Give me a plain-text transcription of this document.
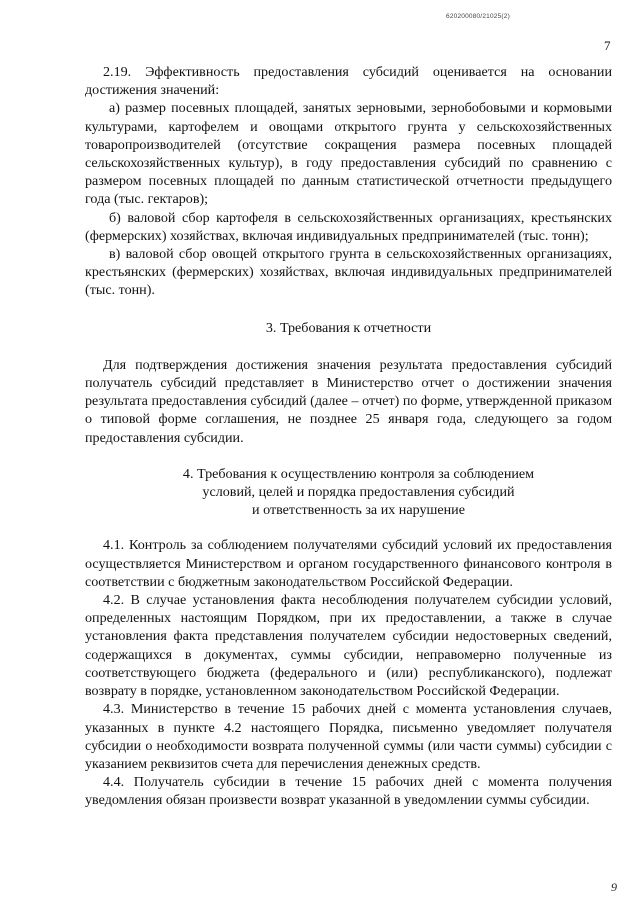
620200080/21025(2)
7

2.19. Эффективность предоставления субсидий оценивается на основании достижения значений:

а) размер посевных площадей, занятых зерновыми, зернобобовыми и кормовыми культурами, картофелем и овощами открытого грунта у сельскохозяйственных товаропроизводителей (отсутствие сокращения размера посевных площадей сельскохозяйственных культур), в году предоставления субсидий по сравнению с размером посевных площадей по данным статистической отчетности предыдущего года (тыс. гектаров);

б) валовой сбор картофеля в сельскохозяйственных организациях, крестьянских (фермерских) хозяйствах, включая индивидуальных предпринимателей (тыс. тонн);

в) валовой сбор овощей открытого грунта в сельскохозяйственных организациях, крестьянских (фермерских) хозяйствах, включая индивидуальных предпринимателей (тыс. тонн).

3. Требования к отчетности

Для подтверждения достижения значения результата предоставления субсидий получатель субсидий представляет в Министерство отчет о достижении значения результата предоставления субсидий (далее – отчет) по форме, утвержденной приказом о типовой форме соглашения, не позднее 25 января года, следующего за годом предоставления субсидии.

4. Требования к осуществлению контроля за соблюдением
условий, целей и порядка предоставления субсидий
и ответственность за их нарушение

4.1. Контроль за соблюдением получателями субсидий условий их предоставления осуществляется Министерством и органом государственного финансового контроля в соответствии с бюджетным законодательством Российской Федерации.

4.2. В случае установления факта несоблюдения получателем субсидии условий, определенных настоящим Порядком, при их предоставлении, а также в случае установления факта представления получателем субсидии недостоверных сведений, содержащихся в документах, суммы субсидии, неправомерно полученные из соответствующего бюджета (федерального и (или) республиканского), подлежат возврату в порядке, установленном законодательством Российской Федерации.

4.3. Министерство в течение 15 рабочих дней с момента установления случаев, указанных в пункте 4.2 настоящего Порядка, письменно уведомляет получателя субсидии о необходимости возврата полученной суммы (или части суммы) субсидии с указанием реквизитов счета для перечисления денежных средств.

4.4. Получатель субсидии в течение 15 рабочих дней с момента получения уведомления обязан произвести возврат указанной в уведомлении суммы субсидии.

9
